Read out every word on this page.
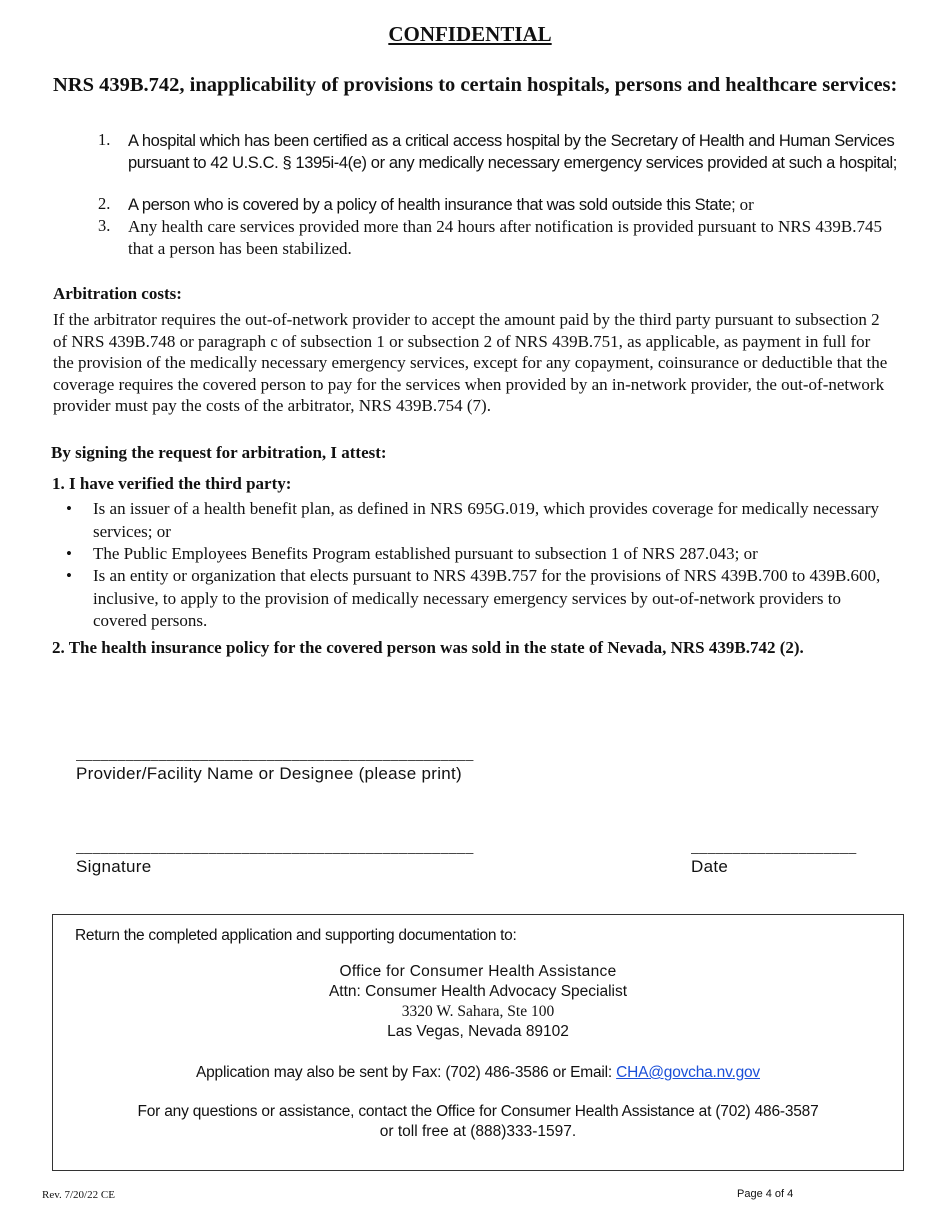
CONFIDENTIAL
NRS 439B.742, inapplicability of provisions to certain hospitals, persons and healthcare services:
1.	A hospital which has been certified as a critical access hospital by the Secretary of Health and Human Services pursuant to 42 U.S.C. § 1395i-4(e) or any medically necessary emergency services provided at such a hospital;
2.	A person who is covered by a policy of health insurance that was sold outside this State; or
3.	Any health care services provided more than 24 hours after notification is provided pursuant to NRS 439B.745 that a person has been stabilized.
Arbitration costs:
If the arbitrator requires the out-of-network provider to accept the amount paid by the third party pursuant to subsection 2 of NRS 439B.748 or paragraph c of subsection 1 or subsection 2 of NRS 439B.751, as applicable, as payment in full for the provision of the medically necessary emergency services, except for any copayment, coinsurance or deductible that the coverage requires the covered person to pay for the services when provided by an in-network provider, the out-of-network provider must pay the costs of the arbitrator, NRS 439B.754 (7).
By signing the request for arbitration, I attest:
1. I have verified the third party:
• Is an issuer of a health benefit plan, as defined in NRS 695G.019, which provides coverage for medically necessary services; or
• The Public Employees Benefits Program established pursuant to subsection 1 of NRS 287.043; or
• Is an entity or organization that elects pursuant to NRS 439B.757 for the provisions of NRS 439B.700 to 439B.600, inclusive, to apply to the provision of medically necessary emergency services by out-of-network providers to covered persons.
2. The health insurance policy for the covered person was sold in the state of Nevada, NRS 439B.742 (2).
________________________________________________
Provider/Facility Name or Designee (please print)
________________________________________________
Signature
____________________
Date
Return the completed application and supporting documentation to:
Office for Consumer Health Assistance
Attn: Consumer Health Advocacy Specialist
3320 W. Sahara, Ste 100
Las Vegas, Nevada 89102
Application may also be sent by Fax: (702) 486-3586 or Email: CHA@govcha.nv.gov
For any questions or assistance, contact the Office for Consumer Health Assistance at (702) 486-3587
or toll free at (888)333-1597.
Rev. 7/20/22 CE	Page 4 of 4
